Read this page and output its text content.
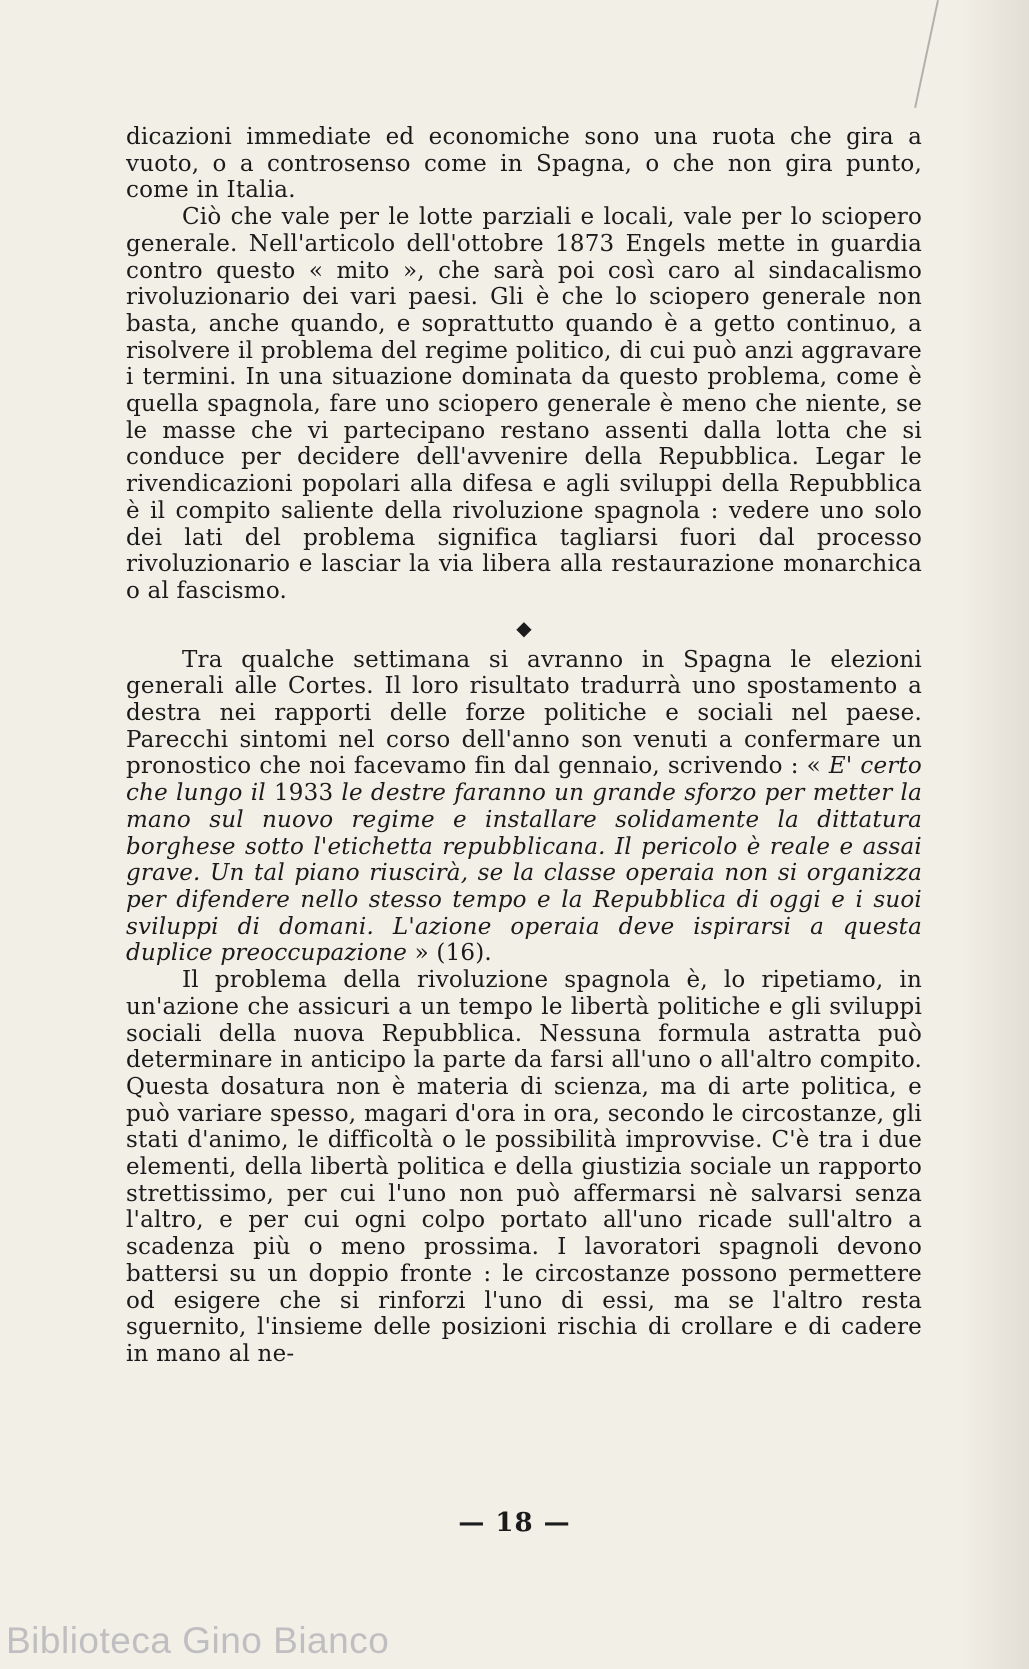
dicazioni immediate ed economiche sono una ruota che gira a vuoto, o a controsenso come in Spagna, o che non gira punto, come in Italia.

Ciò che vale per le lotte parziali e locali, vale per lo sciopero generale. Nell'articolo dell'ottobre 1873 Engels mette in guardia contro questo « mito », che sarà poi così caro al sindacalismo rivoluzionario dei vari paesi. Gli è che lo sciopero generale non basta, anche quando, e soprattutto quando è a getto continuo, a risolvere il problema del regime politico, di cui può anzi aggravare i termini. In una situazione dominata da questo problema, come è quella spagnola, fare uno sciopero generale è meno che niente, se le masse che vi partecipano restano assenti dalla lotta che si conduce per decidere dell'avvenire della Repubblica. Legar le rivendicazioni popolari alla difesa e agli sviluppi della Repubblica è il compito saliente della rivoluzione spagnola : vedere uno solo dei lati del problema significa tagliarsi fuori dal processo rivoluzionario e lasciar la via libera alla restaurazione monarchica o al fascismo.

◆

Tra qualche settimana si avranno in Spagna le elezioni generali alle Cortes. Il loro risultato tradurrà uno spostamento a destra nei rapporti delle forze politiche e sociali nel paese. Parecchi sintomi nel corso dell'anno son venuti a confermare un pronostico che noi facevamo fin dal gennaio, scrivendo : « E' certo che lungo il 1933 le destre faranno un grande sforzo per metter la mano sul nuovo regime e installare solidamente la dittatura borghese sotto l'etichetta repubblicana. Il pericolo è reale e assai grave. Un tal piano riuscirà, se la classe operaia non si organizza per difendere nello stesso tempo e la Repubblica di oggi e i suoi sviluppi di domani. L'azione operaia deve ispirarsi a questa duplice preoccupazione » (16).

Il problema della rivoluzione spagnola è, lo ripetiamo, in un'azione che assicuri a un tempo le libertà politiche e gli sviluppi sociali della nuova Repubblica. Nessuna formula astratta può determinare in anticipo la parte da farsi all'uno o all'altro compito. Questa dosatura non è materia di scienza, ma di arte politica, e può variare spesso, magari d'ora in ora, secondo le circostanze, gli stati d'animo, le difficoltà o le possibilità improvvise. C'è tra i due elementi, della libertà politica e della giustizia sociale un rapporto strettissimo, per cui l'uno non può affermarsi nè salvarsi senza l'altro, e per cui ogni colpo portato all'uno ricade sull'altro a scadenza più o meno prossima. I lavoratori spagnoli devono battersi su un doppio fronte : le circostanze possono permettere od esigere che si rinforzi l'uno di essi, ma se l'altro resta sguernito, l'insieme delle posizioni rischia di crollare e di cadere in mano al ne-

— 18 —
Biblioteca Gino Bianco
